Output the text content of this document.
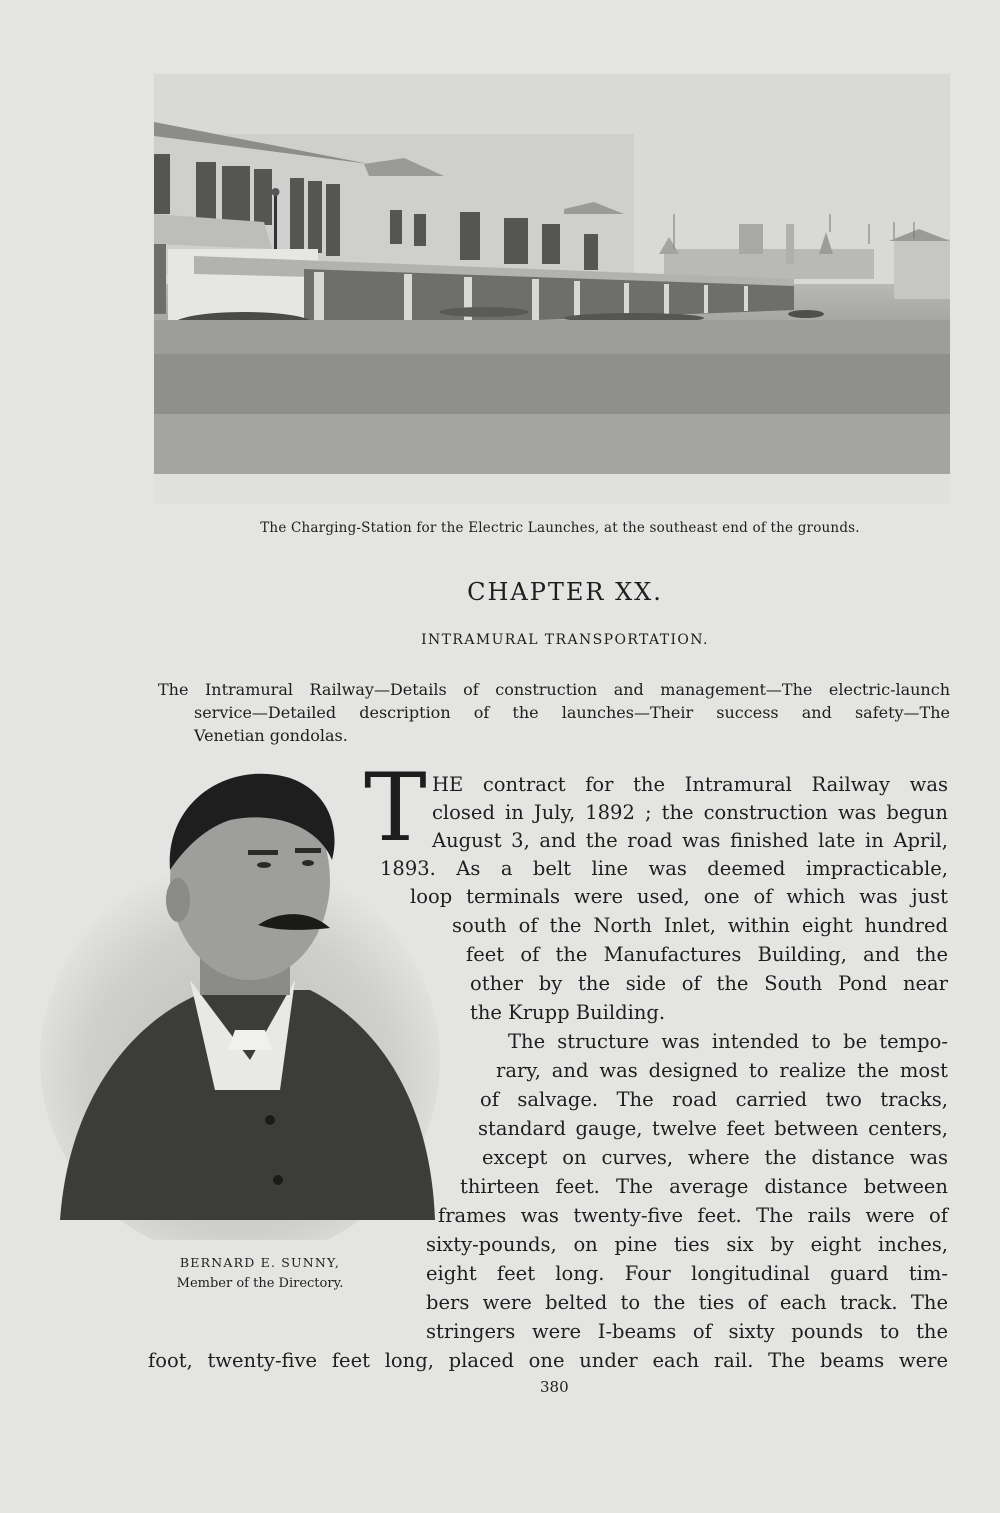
The Charging-Station for the Electric Launches, at the southeast end of the grounds.
CHAPTER XX.
INTRAMURAL TRANSPORTATION.
The Intramural Railway—Details of construction and management—The electric-launch
service—Detailed description of the launches—Their success and safety—The
Venetian gondolas.
BERNARD E. SUNNY,
Member of the Directory.
T HE contract for the Intramural Railway was
closed in July, 1892 ; the construction was begun
August 3, and the road was finished late in April,
1893. As a belt line was deemed impracticable,
loop terminals were used, one of which was just
south of the North Inlet, within eight hundred
feet of the Manufactures Building, and the
other by the side of the South Pond near
the Krupp Building.
The structure was intended to be tempo-
rary, and was designed to realize the most
of salvage. The road carried two tracks,
standard gauge, twelve feet between centers,
except on curves, where the distance was
thirteen feet. The average distance between
frames was twenty-five feet. The rails were of
sixty-pounds, on pine ties six by eight inches,
eight feet long. Four longitudinal guard tim-
bers were belted to the ties of each track. The
stringers were I-beams of sixty pounds to the
foot, twenty-five feet long, placed one under each rail. The beams were
380
